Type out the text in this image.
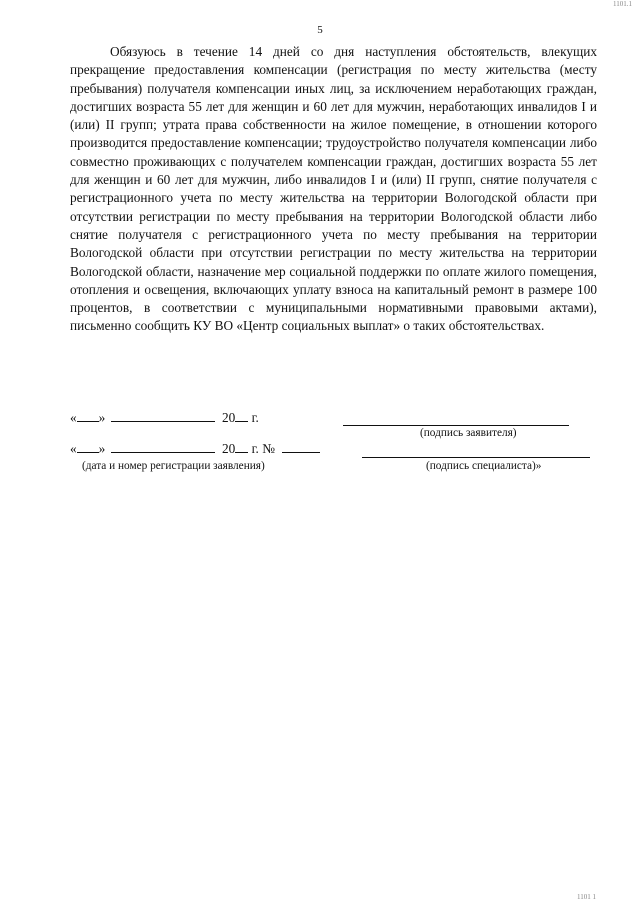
1101.1
5

Обязуюсь в течение 14 дней со дня наступления обстоятельств, влекущих прекращение предоставления компенсации (регистрация по месту жительства (месту пребывания) получателя компенсации иных лиц, за исключением неработающих граждан, достигших возраста 55 лет для женщин и 60 лет для мужчин, неработающих инвалидов I и (или) II групп; утрата права собственности на жилое помещение, в отношении которого производится предоставление компенсации; трудоустройство получателя компенсации либо совместно проживающих с получателем компенсации граждан, достигших возраста 55 лет для женщин и 60 лет для мужчин, либо инвалидов I и (или) II групп, снятие получателя с регистрационного учета по месту жительства на территории Вологодской области при отсутствии регистрации по месту пребывания на территории Вологодской области либо снятие получателя с регистрационного учета по месту пребывания на территории Вологодской области при отсутствии регистрации по месту жительства на территории Вологодской области, назначение мер социальной поддержки по оплате жилого помещения, отопления и освещения, включающих уплату взноса на капитальный ремонт в размере 100 процентов, в соответствии с муниципальными нормативными правовыми актами), письменно сообщить КУ ВО «Центр социальных выплат» о таких обстоятельствах.

« »	20 г.
(подпись заявителя)
« »	20 г. №
(дата и номер регистрации заявления)	(подпись специалиста)»
1101 1
